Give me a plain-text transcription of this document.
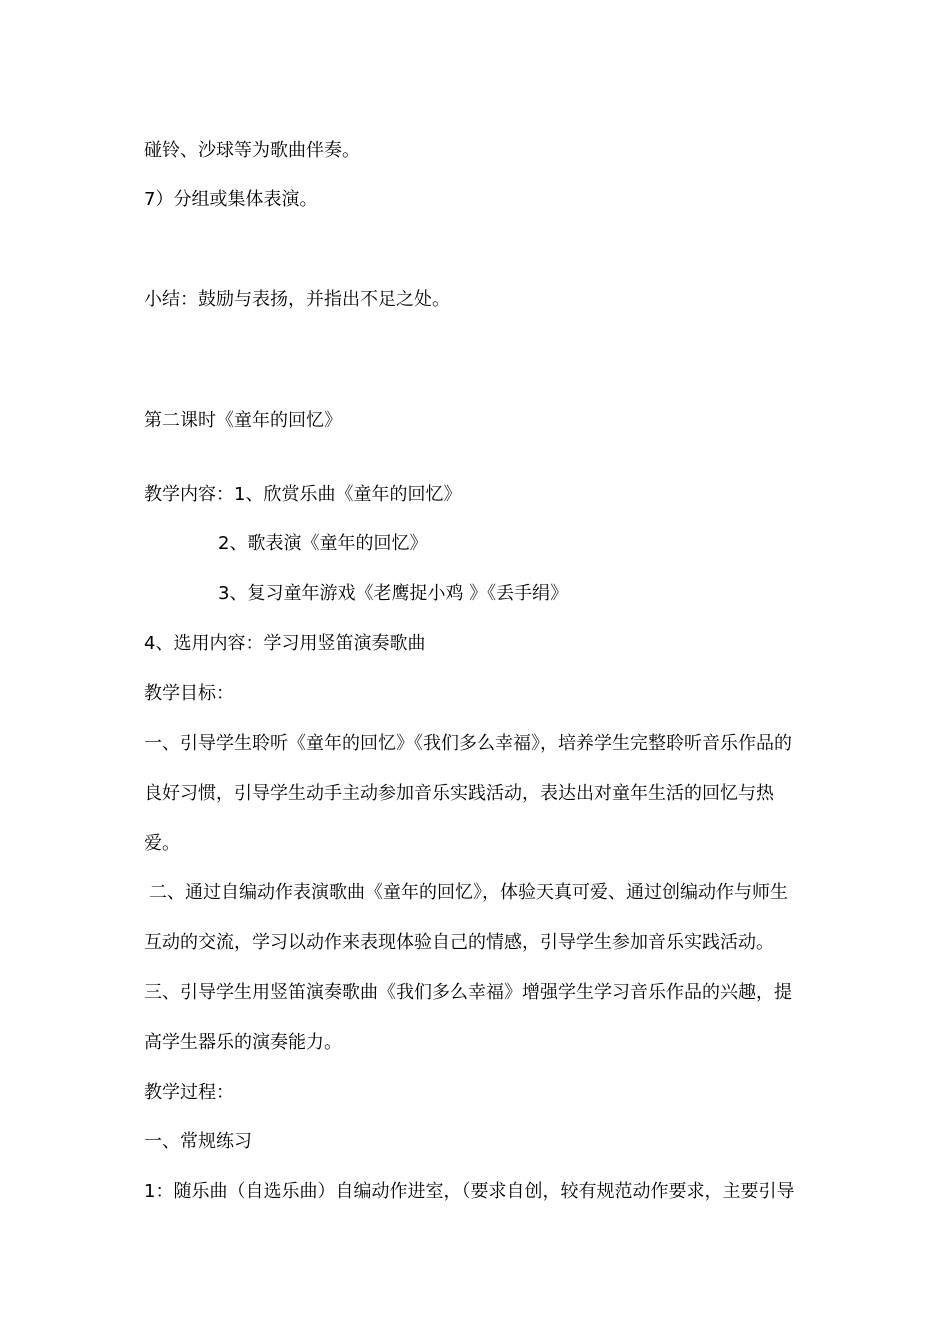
碰铃、沙球等为歌曲伴奏。
7）分组或集体表演。
小结：鼓励与表扬，并指出不足之处。
第二课时《童年的回忆》
教学内容：1、欣赏乐曲《童年的回忆》
2、歌表演《童年的回忆》
3、复习童年游戏《老鹰捉小鸡 》《丢手绢》
4、选用内容：学习用竖笛演奏歌曲
教学目标：
一、引导学生聆听《童年的回忆》《我们多么幸福》，培养学生完整聆听音乐作品的
良好习惯，引导学生动手主动参加音乐实践活动，表达出对童年生活的回忆与热
爱。
二、通过自编动作表演歌曲《童年的回忆》，体验天真可爱、通过创编动作与师生
互动的交流，学习以动作来表现体验自己的情感，引导学生参加音乐实践活动。
三、引导学生用竖笛演奏歌曲《我们多么幸福》增强学生学习音乐作品的兴趣，提
高学生器乐的演奏能力。
教学过程：
一、常规练习
1：随乐曲（自选乐曲）自编动作进室，（要求自创，较有规范动作要求，主要引导
